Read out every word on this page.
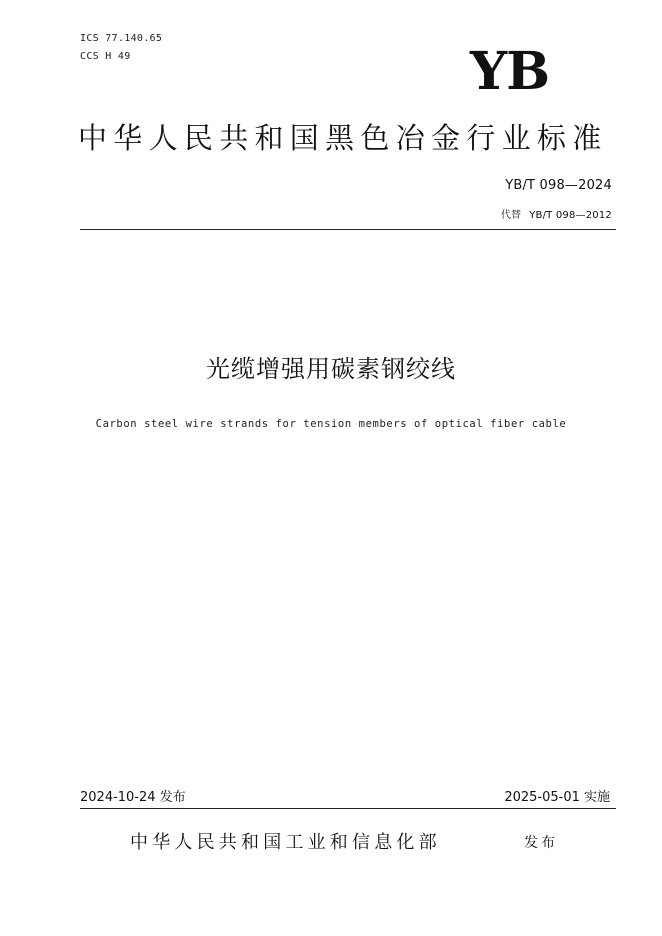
ICS 77.140.65
CCS H 49	YB
中华人民共和国黑色冶金行业标准
YB/T 098—2024
代替 YB/T 098—2012
光缆增强用碳素钢绞线
Carbon steel wire strands for tension members of optical fiber cable
2024-10-24 发布	2025-05-01 实施
中华人民共和国工业和信息化部	发布
